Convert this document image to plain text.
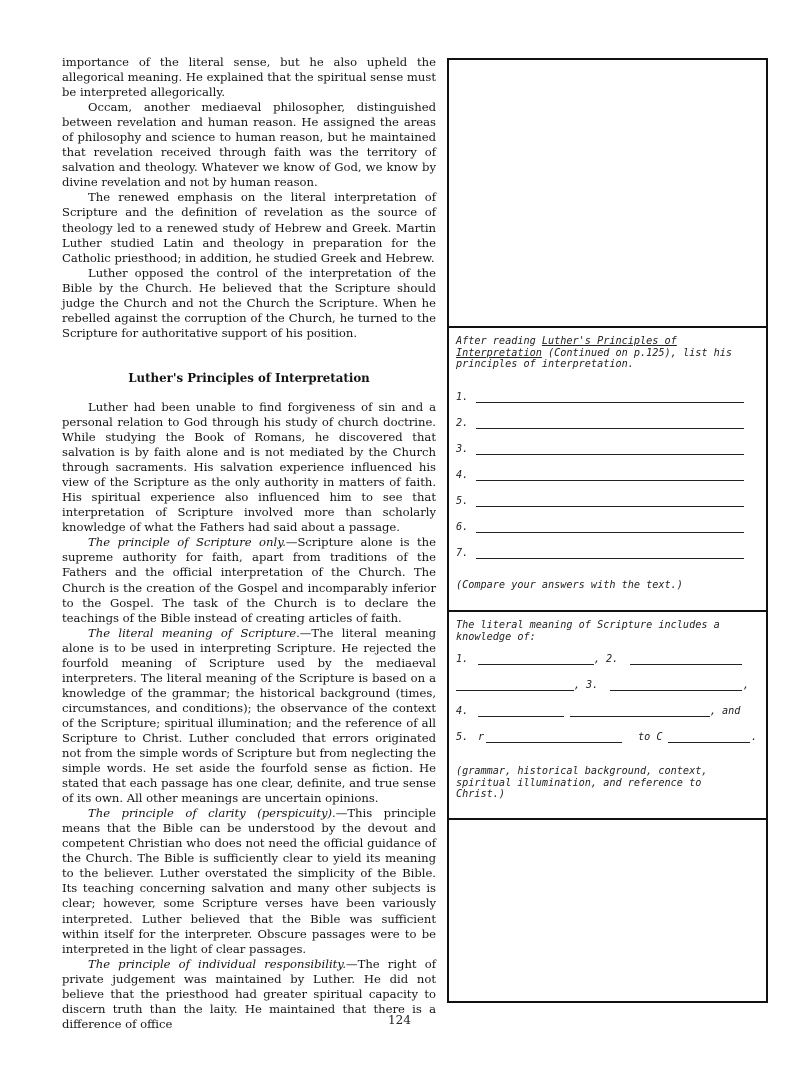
importance of the literal sense, but he also upheld the allegorical meaning. He explained that the spiritual sense must be interpreted allegorically.

Occam, another mediaeval philosopher, distinguished between revelation and human reason. He assigned the areas of philosophy and science to human reason, but he maintained that revelation received through faith was the territory of salvation and theology. Whatever we know of God, we know by divine revelation and not by human reason.

The renewed emphasis on the literal interpretation of Scripture and the definition of revelation as the source of theology led to a renewed study of Hebrew and Greek. Martin Luther studied Latin and theology in preparation for the Catholic priesthood; in addition, he studied Greek and Hebrew.

Luther opposed the control of the interpretation of the Bible by the Church. He believed that the Scripture should judge the Church and not the Church the Scripture. When he rebelled against the corruption of the Church, he turned to the Scripture for authoritative support of his position.

Luther's Principles of Interpretation

Luther had been unable to find forgiveness of sin and a personal relation to God through his study of church doctrine. While studying the Book of Romans, he discovered that salvation is by faith alone and is not mediated by the Church through sacraments. His salvation experience influenced his view of the Scripture as the only authority in matters of faith. His spiritual experience also influenced him to see that interpretation of Scripture involved more than scholarly knowledge of what the Fathers had said about a passage.

The principle of Scripture only.—Scripture alone is the supreme authority for faith, apart from traditions of the Fathers and the official interpretation of the Church. The Church is the creation of the Gospel and incomparably inferior to the Gospel. The task of the Church is to declare the teachings of the Bible instead of creating articles of faith.

The literal meaning of Scripture.—The literal meaning alone is to be used in interpreting Scripture. He rejected the fourfold meaning of Scripture used by the mediaeval interpreters. The literal meaning of the Scripture is based on a knowledge of the grammar; the historical background (times, circumstances, and conditions); the observance of the context of the Scripture; spiritual illumination; and the reference of all Scripture to Christ. Luther concluded that errors originated not from the simple words of Scripture but from neglecting the simple words. He set aside the fourfold sense as fiction. He stated that each passage has one clear, definite, and true sense of its own. All other meanings are uncertain opinions.

The principle of clarity (perspicuity).—This principle means that the Bible can be understood by the devout and competent Christian who does not need the official guidance of the Church. The Bible is sufficiently clear to yield its meaning to the believer. Luther overstated the simplicity of the Bible. Its teaching concerning salvation and many other subjects is clear; however, some Scripture verses have been variously interpreted. Luther believed that the Bible was sufficient within itself for the interpreter. Obscure passages were to be interpreted in the light of clear passages.

The principle of individual responsibility.—The right of private judgement was maintained by Luther. He did not believe that the priesthood had greater spiritual capacity to discern truth than the laity. He maintained that there is a difference of office

After reading Luther's Principles of Interpretation (Continued on p.125), list his principles of interpretation.
1.
2.
3.
4.
5.
6.
7.
(Compare your answers with the text.)
The literal meaning of Scripture includes a knowledge of:
1.	, 2.
, 3.	,
4.	, and
5. r	to C	.
(grammar, historical background, context, spiritual illumination, and reference to Christ.)
124
